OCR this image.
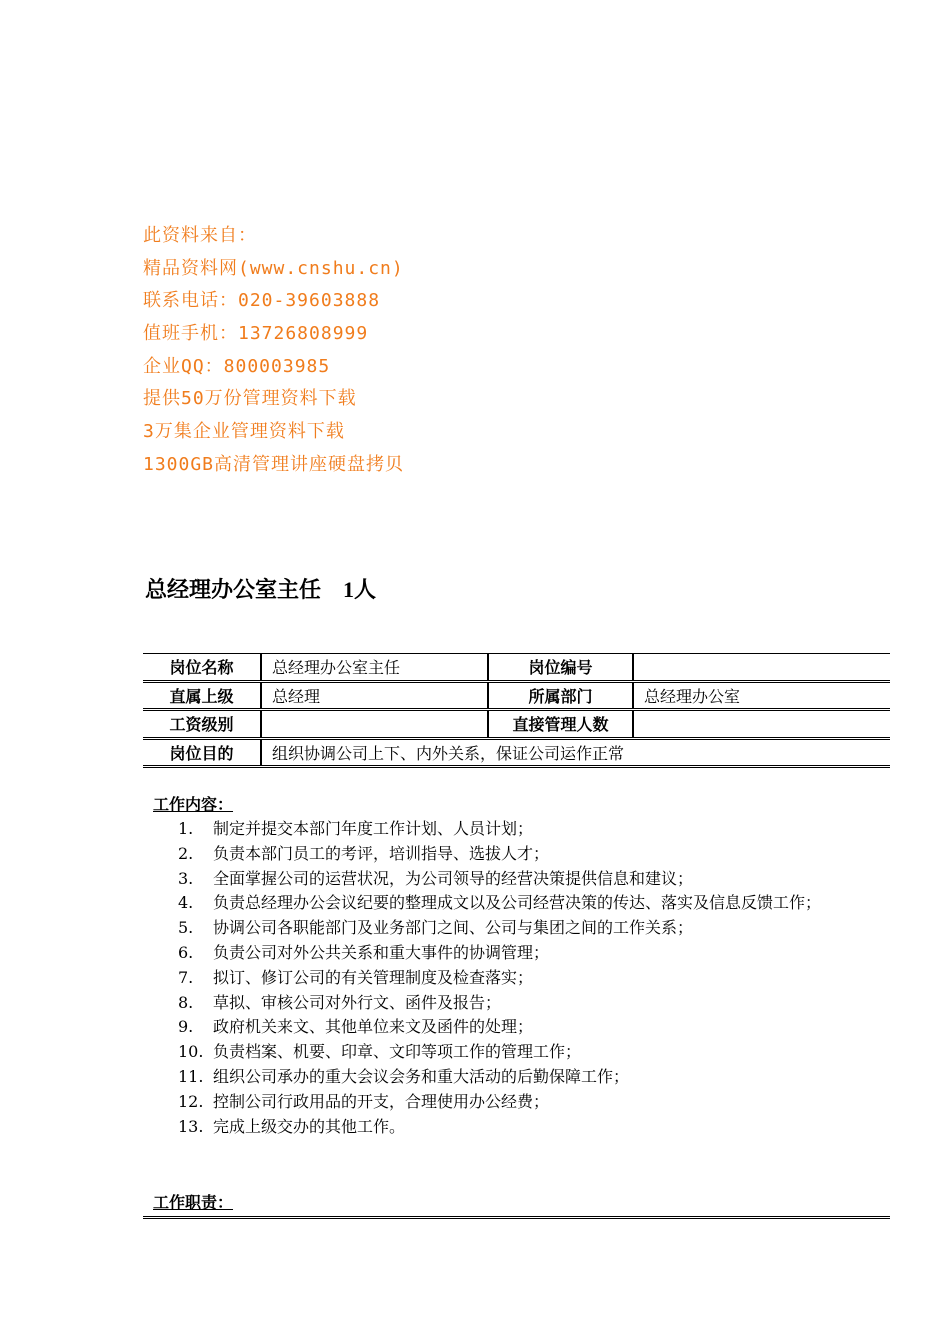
此资料来自：
精品资料网(www.cnshu.cn)
联系电话：020-39603888
值班手机：13726808999
企业QQ：800003985
提供50万份管理资料下载
3万集企业管理资料下载
1300GB高清管理讲座硬盘拷贝
总经理办公室主任 1人
岗位名称	总经理办公室主任	岗位编号	
直属上级	总经理	所属部门	总经理办公室
工资级别		直接管理人数	
岗位目的	组织协调公司上下、内外关系，保证公司运作正常		
工作内容：
1.	制定并提交本部门年度工作计划、人员计划；
2.	负责本部门员工的考评，培训指导、选拔人才；
3.	全面掌握公司的运营状况，为公司领导的经营决策提供信息和建议；
4.	负责总经理办公会议纪要的整理成文以及公司经营决策的传达、落实及信息反馈工作；
5.	协调公司各职能部门及业务部门之间、公司与集团之间的工作关系；
6.	负责公司对外公共关系和重大事件的协调管理；
7.	拟订、修订公司的有关管理制度及检查落实；
8.	草拟、审核公司对外行文、函件及报告；
9.	政府机关来文、其他单位来文及函件的处理；
10. 负责档案、机要、印章、文印等项工作的管理工作；
11. 组织公司承办的重大会议会务和重大活动的后勤保障工作；
12. 控制公司行政用品的开支，合理使用办公经费；
13. 完成上级交办的其他工作。
工作职责：
